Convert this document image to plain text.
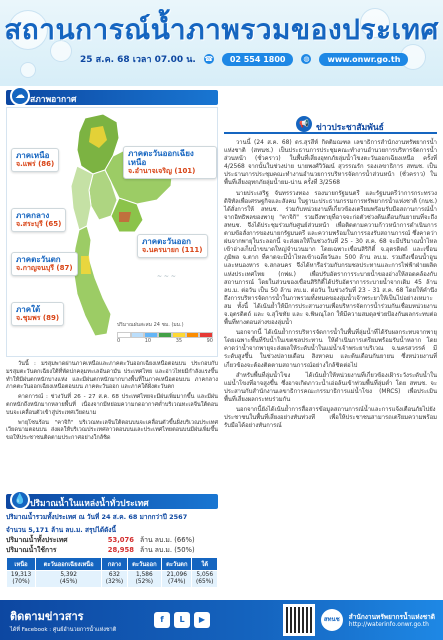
สถานการณ์น้ำภาพรวมของประเทศ
25 ส.ค. 68 เวลา 07.00 น. ☎	02 554 1800	◍	www.onwr.go.th
☁ สภาพอากาศ
~ ~ ~
ภาคเหนือ
จ.แพร่ (86)
ภาคตะวันออกเฉียงเหนือ
จ.อำนาจเจริญ (101)
ภาคกลาง
จ.สระบุรี (65)
ภาคตะวันตก
จ.กาญจนบุรี (87)
ภาคตะวันออก
จ.นครนายก (111)
ภาคใต้
จ.ชุมพร (89)
ปริมาณฝนสะสม 24 ชม. (มม.)
0	10	35	90

วันนี้ : มรสุมพาดผ่านภาคเหนือและภาคตะวันออกเฉียงเหนือตอนบน ประกอบกับมรสุมตะวันตกเฉียงใต้ที่พัดปกคลุมทะเลอันดามัน ประเทศไทย และอ่าวไทยมีกำลังแรงขึ้น ทำให้มีฝนตกหนักบางแห่ง และมีฝนตกหนักมากบางพื้นที่ในภาคเหนือตอนบน ภาคกลาง ภาคตะวันออกเฉียงเหนือตอนบน ภาคตะวันออก และภาคใต้ฝั่งตะวันตก

คาดการณ์ : ช่วงวันที่ 26 - 27 ส.ค. 68 ประเทศไทยจะมีฝนเพิ่มมากขึ้น และมีฝนตกหนักถึงหนักมากหลายพื้นที่ เนื่องจากมีหย่อมความกดอากาศต่ำบริเวณทะเลจีนใต้ตอนบนจะเคลื่อนตัวเข้าสู่ประเทศเวียดนาม

พายุโซนร้อน "คาจิกิ" บริเวณทะเลจีนใต้ตอนบนจะเคลื่อนตัวขึ้นฝั่งบริเวณประเทศเวียดนามตอนบน ส่งผลให้บริเวณประเทศลาวตอนบนและประเทศไทยตอนบนมีฝนเพิ่มขึ้น ขอให้ประชาชนติดตามประกาศอย่างใกล้ชิด

💧 ปริมาณน้ำในแหล่งน้ำทั่วประเทศ
ปริมาณน้ำรวมทั้งประเทศ ณ วันที่ 24 ส.ค. 68 มากกว่าปี 2567
จำนวน 5,171 ล้าน ลบ.ม. สรุปได้ดังนี้
ปริมาณน้ำทั้งประเทศ	53,076 ล้าน ลบ.ม. (66%)
ปริมาณน้ำใช้การ	28,958 ล้าน ลบ.ม. (50%)
เหนือ	ตะวันออกเฉียงเหนือ	กลาง	ตะวันออก	ตะวันตก	ใต้
19,313
(70%)	5,392
(45%)	632
(32%)	1,586
(52%)	21,096
(74%)	5,056
(65%)
📢 ข่าวประชาสัมพันธ์

วานนี้ (24 ส.ค. 68) ดร.สุรสีห์ กิตติมณฑล เลขาธิการสำนักงานทรัพยากรน้ำแห่งชาติ (สทนช.) เป็นประธานการประชุมคณะทำงานอำนวยการบริหารจัดการน้ำส่วนหน้า (ชั่วคราว) ในพื้นที่เสี่ยงอุทกภัยลุ่มน้ำโขงตะวันออกเฉียงเหนือ ครั้งที่ 4/2568 จากนั้นในช่วงบ่าย นายพงศ์วิวัฒน์ สุวรรณรัก รองเลขาธิการ สทนช. เป็นประธานการประชุมคณะทำงานอำนวยการบริหารจัดการน้ำส่วนหน้า (ชั่วคราว) ในพื้นที่เสี่ยงอุทกภัยลุ่มน้ำยม-น่าน ครั้งที่ 3/2568

นายประเสริฐ จันทรรวงทอง รองนายกรัฐมนตรี และรัฐมนตรีว่าการกระทรวงดิจิทัลเพื่อเศรษฐกิจและสังคม ในฐานะประธานกรรมการทรัพยากรน้ำแห่งชาติ (กนช.) ได้สั่งการให้ สทนช. ร่วมกับหน่วยงานที่เกี่ยวข้องเตรียมพร้อมรับมือสถานการณ์น้ำจากอิทธิพลของพายุ "คาจิกิ" รวมถึงพายุที่อาจจะก่อตัวช่วงต้นเดือนกันยายนที่จะถึง สทนช. จึงได้ประชุมร่วมกับศูนย์ส่วนหน้า เพื่อติดตามความก้าวหน้าการดำเนินการตามข้อสั่งการของนายกรัฐมนตรี และความพร้อมในการรองรับสถานการณ์ ซึ่งคาดว่าฝนจากพายุในระลอกนี้ จะส่งผลให้ในช่วงวันที่ 25 - 30 ส.ค. 68 จะมีปริมาณน้ำไหลเข้าอ่างเก็บน้ำขนาดใหญ่จำนวนมาก โดยเฉพาะเขื่อนสิริกิติ์ จ.อุตรดิตถ์ และเขื่อนภูมิพล จ.ตาก ที่คาดจะมีน้ำไหลเข้าเฉลี่ยวันละ 500 ล้าน ลบ.ม. รวมถึงเขื่อนน้ำอูน และหนองหาร จ.สกลนคร จึงได้หารือร่วมกับกรมชลประทานและการไฟฟ้าฝ่ายผลิตแห่งประเทศไทย (กฟผ.) เพื่อปรับอัตราการระบายน้ำของอ่างให้สอดคล้องกับสถานการณ์ โดยในส่วนของเขื่อนสิริกิติ์ได้ปรับอัตราการระบายน้ำจากเดิม 45 ล้าน ลบ.ม. ต่อวัน เป็น 50 ล้าน ลบ.ม. ต่อวัน ในช่วงวันที่ 23 - 31 ส.ค. 68 โดยให้คำนึงถึงการบริหารจัดการน้ำในภาพรวมทั้งหมดของลุ่มน้ำเจ้าพระยาให้เป็นไปอย่างเหมาะสม ทั้งนี้ ได้เน้นย้ำให้มีการประสานงานเพื่อบริหารจัดการน้ำร่วมกันเชื่อมหน่วยงาน จ.อุตรดิตถ์ และ จ.สุโขทัย และ จ.พิษณุโลก ให้มีความสมดุลช่วยป้องกันผลกระทบต่อพื้นที่ทางตอนล่างของลุ่มน้ำ

นอกจากนี้ ได้เน้นย้ำการบริหารจัดการน้ำในพื้นที่ลุ่มน้ำที่ได้รับผลกระทบจากพายุ โดยเฉพาะพื้นที่รับน้ำในเขตชลประทาน ให้ดำเนินการเตรียมพร้อมรับน้ำหลาก โดยคาดว่าน้ำจากพายุจะส่งผลให้ระดับน้ำในแม่น้ำเจ้าพระยาบริเวณ จ.นครสวรรค์ มีระดับสูงขึ้น ในช่วงปลายเดือน สิงหาคม และต้นเดือนกันยายน ซึ่งหน่วยงานที่เกี่ยวข้องจะต้องติดตามสถานการณ์อย่างใกล้ชิดต่อไป

สำหรับพื้นที่ลุ่มน้ำโขง ได้เน้นย้ำให้หน่วยงานที่เกี่ยวข้องเฝ้าระวังระดับน้ำในแม่น้ำโขงที่อาจสูงขึ้น ซึ่งอาจเกิดภาวะน้ำเอ่อล้นเข้าท่วมพื้นที่ลุ่มต่ำ โดย สทนช. จะประสานกับสำนักงานเลขาธิการคณะกรรมาธิการแม่น้ำโขง (MRCS) เพื่อประเมินพื้นที่เสี่ยงผลกระทบร่วมกัน

นอกจากนี้ยังได้เน้นย้ำการสื่อสารข้อมูลสถานการณ์น้ำและการแจ้งเตือนภัยไปยังประชาชนในพื้นที่เสี่ยงอย่างทันท่วงที เพื่อให้ประชาชนสามารถเตรียมความพร้อมรับมือได้อย่างทันการณ์

ติดตามข่าวสาร
ได้ที่ Facebook : ศูนย์อำนวยการน้ำแห่งชาติ
f	L	▶	สทนช	สำนักงานทรัพยากรน้ำแห่งชาติ
http://waterinfo.onwr.go.th
